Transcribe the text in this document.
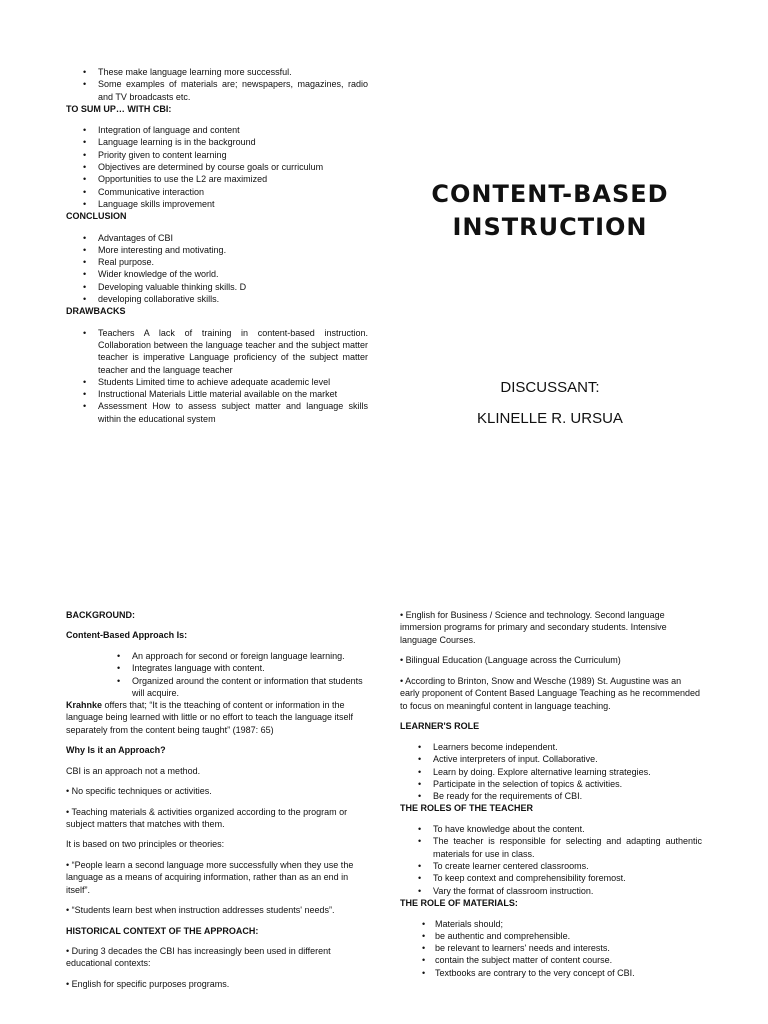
• These make language learning more successful.
• Some examples of materials are; newspapers, magazines, radio and TV broadcasts etc.
TO SUM UP… WITH CBI:
• Integration of language and content
• Language learning is in the background
• Priority given to content learning
• Objectives are determined by course goals or curriculum
• Opportunities to use the L2 are maximized
• Communicative interaction
• Language skills improvement
CONCLUSION
• Advantages of CBI
• More interesting and motivating.
• Real purpose.
• Wider knowledge of the world.
• Developing valuable thinking skills. D
• developing collaborative skills.
DRAWBACKS
• Teachers A lack of training in content-based instruction. Collaboration between the language teacher and the subject matter teacher is imperative Language proficiency of the subject matter teacher and the language teacher
• Students Limited time to achieve adequate academic level
• Instructional Materials Little material available on the market
• Assessment How to assess subject matter and language skills within the educational system
CONTENT-BASED INSTRUCTION
DISCUSSANT:
KLINELLE R. URSUA

BACKGROUND:

Content-Based Approach Is:

• An approach for second or foreign language learning.
• Integrates language with content.
• Organized around the content or information that students will acquire.

Krahnke offers that; “It is the tteaching of content or information in the language being learned with little or no effort to teach the language itself separately from the content being taught” (1987: 65)

Why Is it an Approach?

CBI is an approach not a method.

• No specific techniques or activities.

• Teaching materials & activities organized according to the program or subject matters that matches with them.

It is based on two principles or theories:

• “People learn a second language more successfully when they use the language as a means of acquiring information, rather than as an end in itself”.

• “Students learn best when instruction addresses students' needs”.

HISTORICAL CONTEXT OF THE APPROACH:

• During 3 decades the CBI has increasingly been used in different educational contexts:

• English for specific purposes programs.

• English for Business / Science and technology. Second language immersion programs for primary and secondary students. Intensive language Courses.

• Bilingual Education (Language across the Curriculum)

• According to Brinton, Snow and Wesche (1989) St. Augustine was an early proponent of Content Based Language Teaching as he recommended to focus on meaningful content in language teaching.

LEARNER'S ROLE

• Learners become independent.
• Active interpreters of input. Collaborative.
• Learn by doing. Explore alternative learning strategies.
• Participate in the selection of topics & activities.
• Be ready for the requirements of CBI.

THE ROLES OF THE TEACHER

• To have knowledge about the content.
• The teacher is responsible for selecting and adapting authentic materials for use in class.
• To create learner centered classrooms.
• To keep context and comprehensibility foremost.
• Vary the format of classroom instruction.

THE ROLE OF MATERIALS:

• Materials should;
• be authentic and comprehensible.
• be relevant to learners' needs and interests.
• contain the subject matter of content course.
• Textbooks are contrary to the very concept of CBI.
